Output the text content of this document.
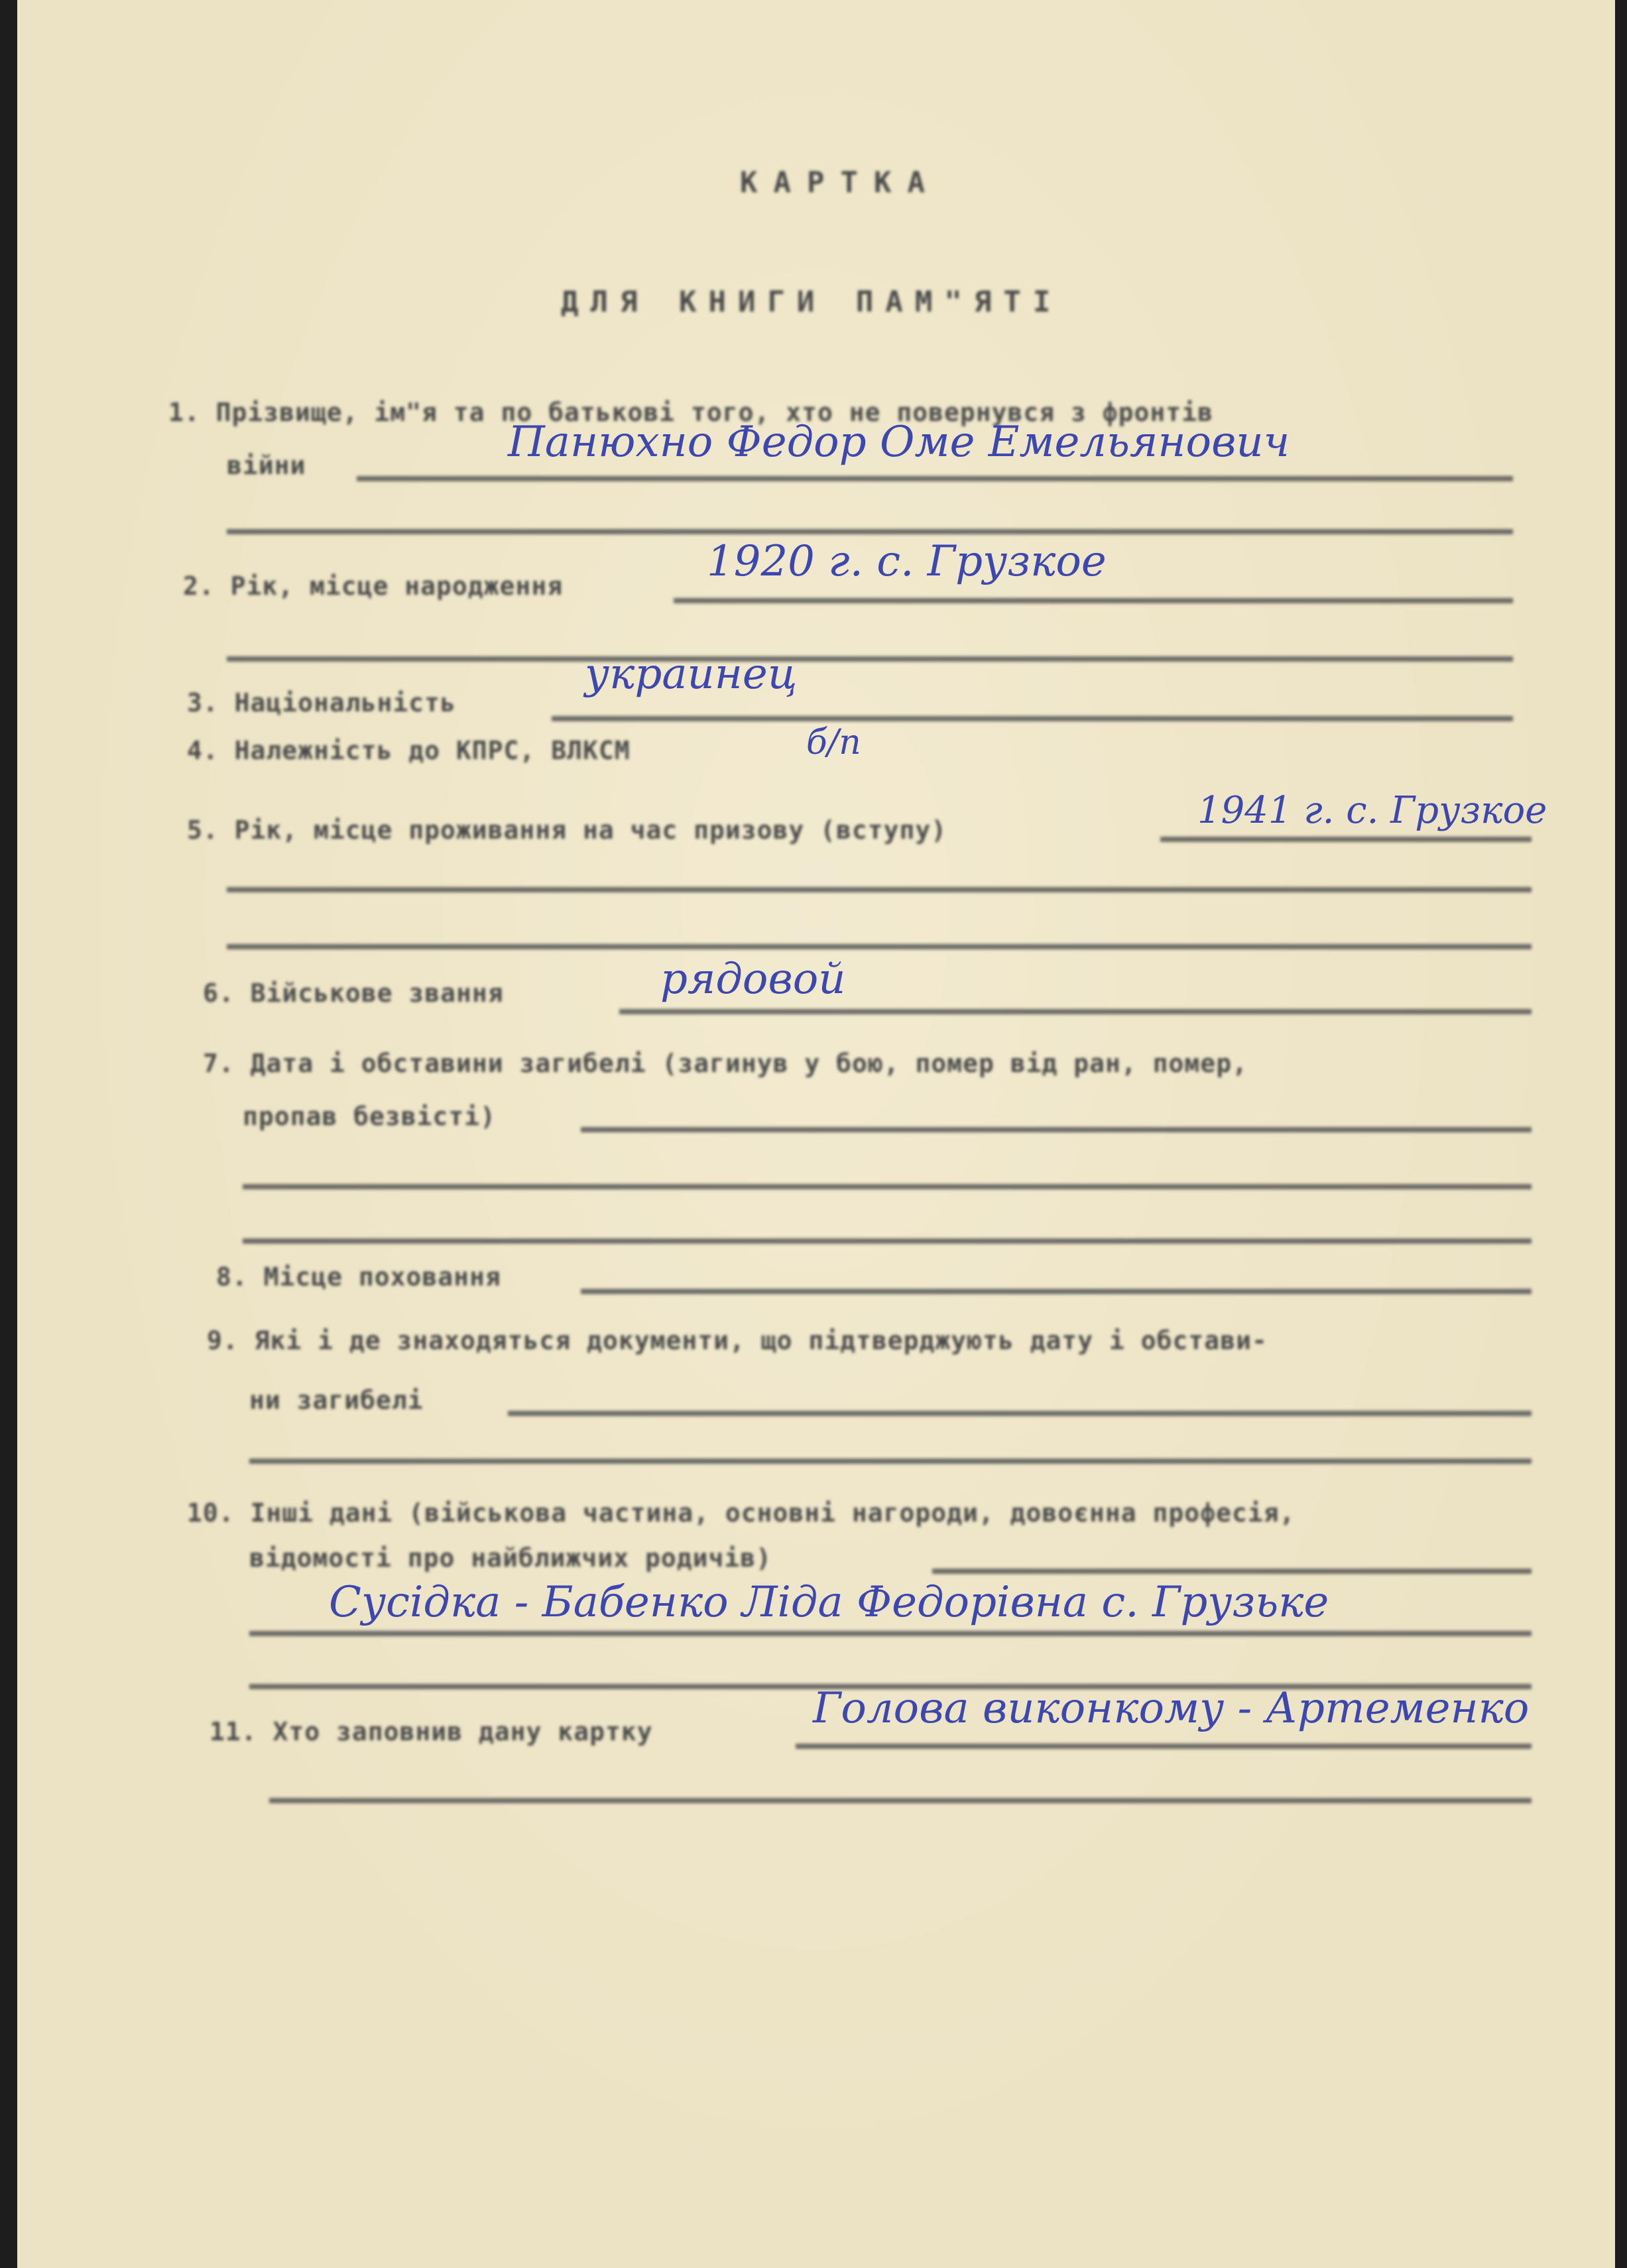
КАРТКА
ДЛЯ КНИГИ ПАМ"ЯТІ
1. Прізвище, ім"я та по батькові того, хто не повернувся з фронтів
війни	Панюхно Федор Оме Емельянович
2. Рік, місце народження	1920 г. с. Грузкое
3. Національність
украинец
4. Належність до КПРС, ВЛКСМ	б/п
5. Рік, місце проживання на час призову (вступу)	1941 г. с. Грузкое
6. Військове звання	рядовой
7. Дата і обставини загибелі (загинув у бою, помер від ран, помер,
пропав безвісті)
8. Місце поховання
9. Які і де знаходяться документи, що підтверджують дату і обстави-
ни загибелі
10. Інші дані (військова частина, основні нагороди, довоєнна професія,
відомості про найближчих родичів)
Сусідка - Бабенко Ліда Федорівна с. Грузьке
11. Хто заповнив дану картку	Голова виконкому - Артеменко
